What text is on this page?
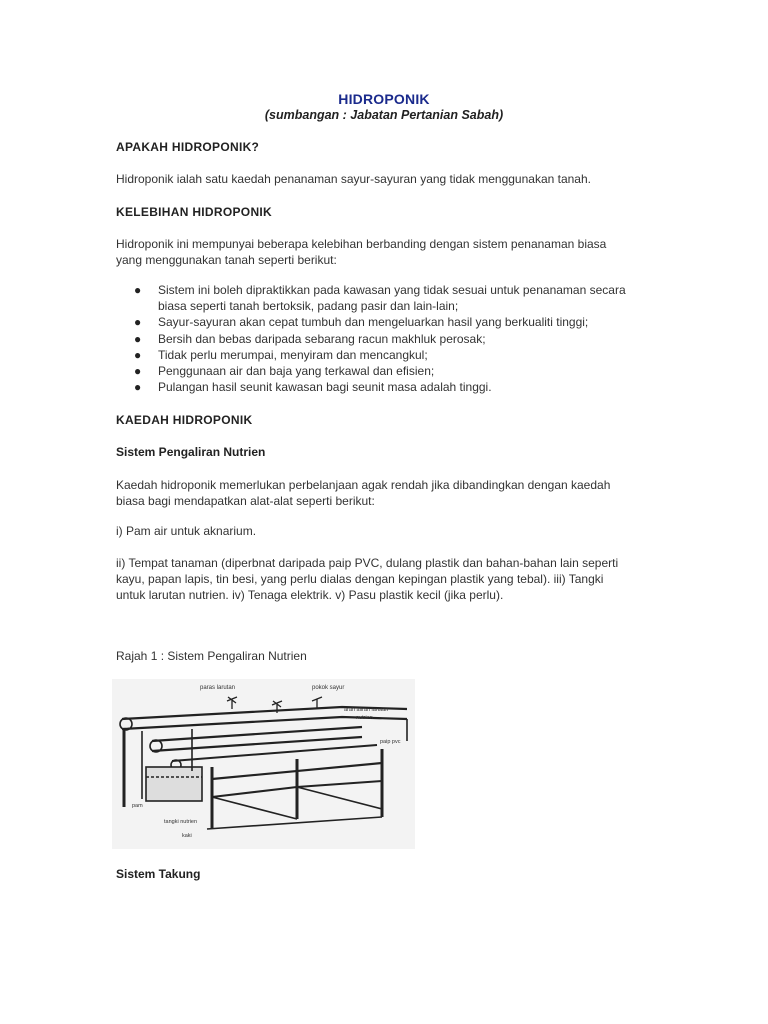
HIDROPONIK
(sumbangan : Jabatan Pertanian Sabah)
APAKAH HIDROPONIK?
Hidroponik ialah satu kaedah penanaman sayur-sayuran yang tidak menggunakan tanah.
KELEBIHAN HIDROPONIK
Hidroponik ini mempunyai beberapa kelebihan berbanding dengan sistem penanaman biasa
yang menggunakan tanah seperti berikut:
● Sistem ini boleh dipraktikkan pada kawasan yang tidak sesuai untuk penanaman secara
biasa seperti tanah bertoksik, padang pasir dan lain-lain;
● Sayur-sayuran akan cepat tumbuh dan mengeluarkan hasil yang berkualiti tinggi;
● Bersih dan bebas daripada sebarang racun makhluk perosak;
● Tidak perlu merumpai, menyiram dan mencangkul;
● Penggunaan air dan baja yang terkawal dan efisien;
● Pulangan hasil seunit kawasan bagi seunit masa adalah tinggi.
KAEDAH HIDROPONIK
Sistem Pengaliran Nutrien
Kaedah hidroponik memerlukan perbelanjaan agak rendah jika dibandingkan dengan kaedah
biasa bagi mendapatkan alat-alat seperti berikut:
i) Pam air untuk aknarium.
ii) Tempat tanaman (diperbnat daripada paip PVC, dulang plastik dan bahan-bahan lain seperti
kayu, papan lapis, tin besi, yang perlu dialas dengan kepingan plastik yang tebal). iii) Tangki
untuk larutan nutrien. iv) Tenaga elektrik. v) Pasu plastik kecil (jika perlu).
Rajah 1 : Sistem Pengaliran Nutrien
paras larutan	pokok sayur
arah aliran larutan
nutrien
paip pvc
pam
tangki nutrien
kaki
Sistem Takung
